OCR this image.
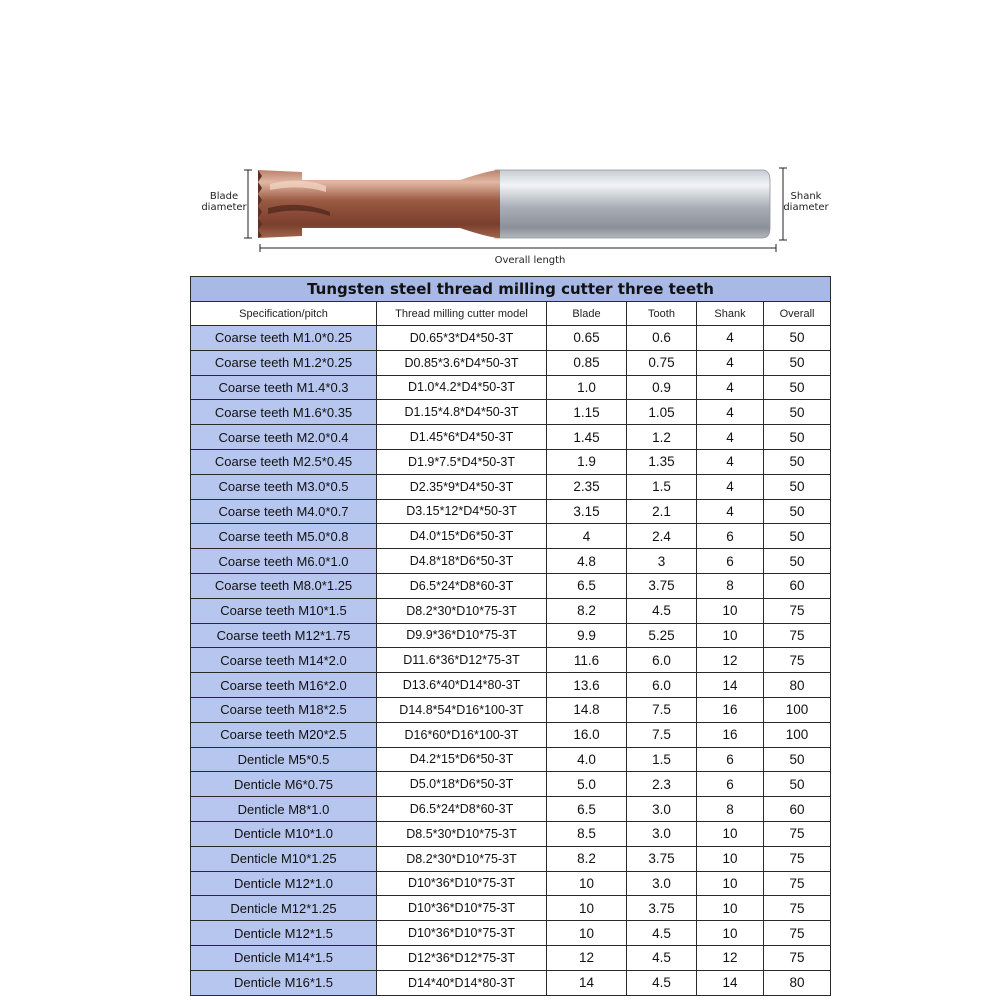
Blade diameter
Shank diameter
Overall length
Tungsten steel thread milling cutter three teeth					
Specification/pitch	Thread milling cutter model	Blade	Tooth	Shank	Overall
Coarse teeth M1.0*0.25	D0.65*3*D4*50-3T	0.65	0.6	4	50
Coarse teeth M1.2*0.25	D0.85*3.6*D4*50-3T	0.85	0.75	4	50
Coarse teeth M1.4*0.3	D1.0*4.2*D4*50-3T	1.0	0.9	4	50
Coarse teeth M1.6*0.35	D1.15*4.8*D4*50-3T	1.15	1.05	4	50
Coarse teeth M2.0*0.4	D1.45*6*D4*50-3T	1.45	1.2	4	50
Coarse teeth M2.5*0.45	D1.9*7.5*D4*50-3T	1.9	1.35	4	50
Coarse teeth M3.0*0.5	D2.35*9*D4*50-3T	2.35	1.5	4	50
Coarse teeth M4.0*0.7	D3.15*12*D4*50-3T	3.15	2.1	4	50
Coarse teeth M5.0*0.8	D4.0*15*D6*50-3T	4	2.4	6	50
Coarse teeth M6.0*1.0	D4.8*18*D6*50-3T	4.8	3	6	50
Coarse teeth M8.0*1.25	D6.5*24*D8*60-3T	6.5	3.75	8	60
Coarse teeth M10*1.5	D8.2*30*D10*75-3T	8.2	4.5	10	75
Coarse teeth M12*1.75	D9.9*36*D10*75-3T	9.9	5.25	10	75
Coarse teeth M14*2.0	D11.6*36*D12*75-3T	11.6	6.0	12	75
Coarse teeth M16*2.0	D13.6*40*D14*80-3T	13.6	6.0	14	80
Coarse teeth M18*2.5	D14.8*54*D16*100-3T	14.8	7.5	16	100
Coarse teeth M20*2.5	D16*60*D16*100-3T	16.0	7.5	16	100
Denticle M5*0.5	D4.2*15*D6*50-3T	4.0	1.5	6	50
Denticle M6*0.75	D5.0*18*D6*50-3T	5.0	2.3	6	50
Denticle M8*1.0	D6.5*24*D8*60-3T	6.5	3.0	8	60
Denticle M10*1.0	D8.5*30*D10*75-3T	8.5	3.0	10	75
Denticle M10*1.25	D8.2*30*D10*75-3T	8.2	3.75	10	75
Denticle M12*1.0	D10*36*D10*75-3T	10	3.0	10	75
Denticle M12*1.25	D10*36*D10*75-3T	10	3.75	10	75
Denticle M12*1.5	D10*36*D10*75-3T	10	4.5	10	75
Denticle M14*1.5	D12*36*D12*75-3T	12	4.5	12	75
Denticle M16*1.5	D14*40*D14*80-3T	14	4.5	14	80
